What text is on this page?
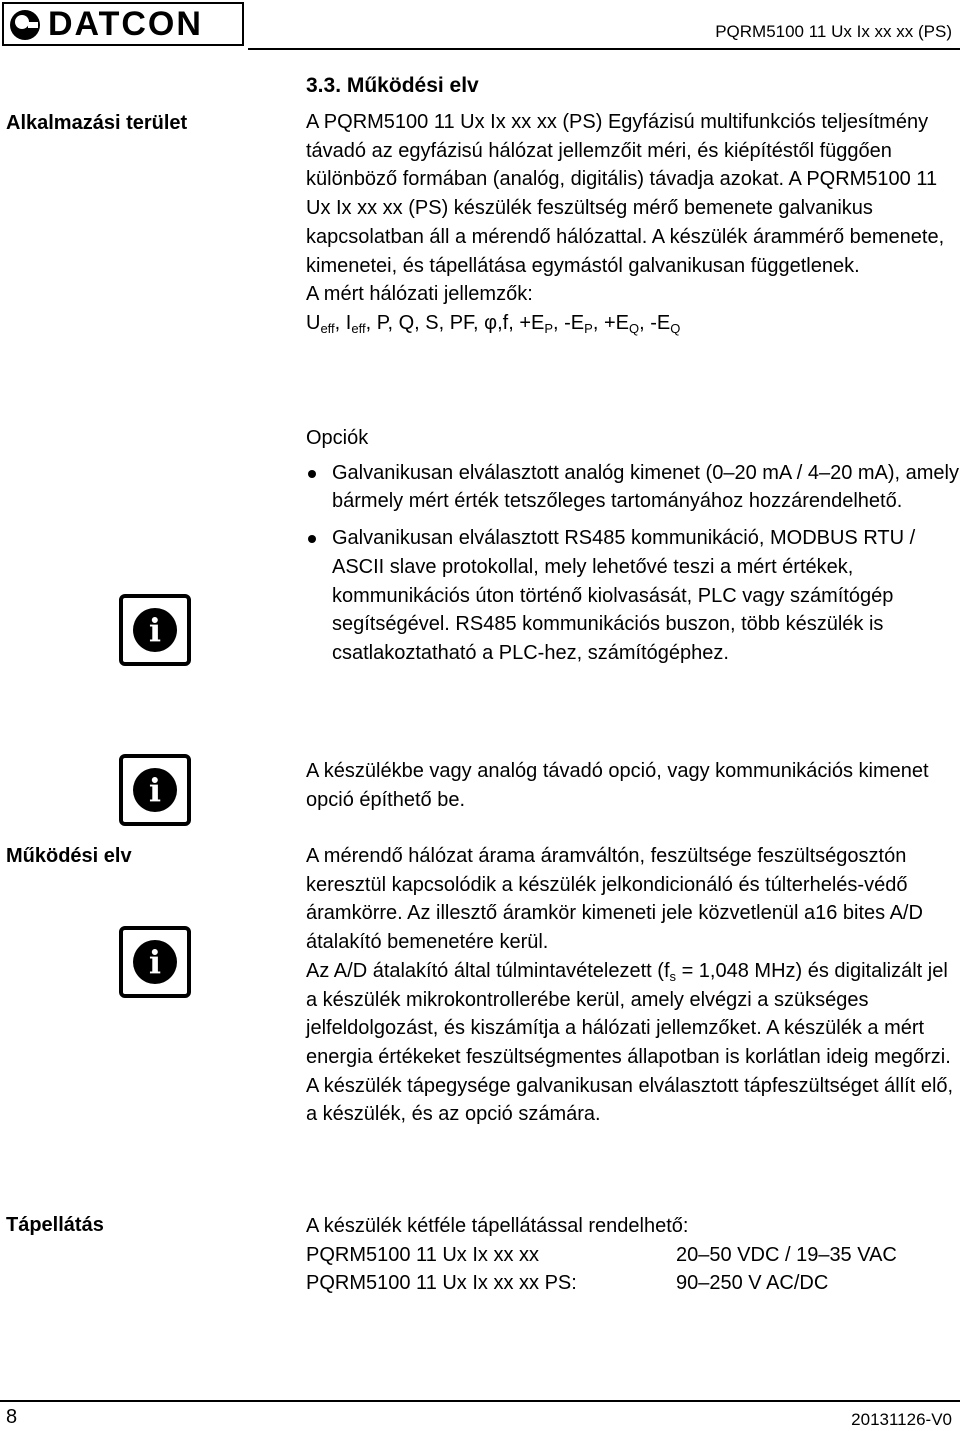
DATCON	PQRM5100 11 Ux Ix xx xx (PS)
3.3. Működési elv
Alkalmazási terület
Működési elv
Tápellátás
i
i
i

A PQRM5100 11 Ux Ix xx xx (PS) Egyfázisú multifunkciós teljesítmény távadó az egyfázisú hálózat jellemzőit méri, és kiépítéstől függően különböző formában (analóg, digitális) távadja azokat. A PQRM5100 11 Ux Ix xx xx (PS) készülék feszültség mérő bemenete galvanikus kapcsolatban áll a mérendő hálózattal. A készülék árammérő bemenete, kimenetei, és tápellátása egymástól galvanikusan függetlenek.

A mért hálózati jellemzők:

$U_{eff}$, $I_{eff}$, P, Q, S, PF, φ,f, $+E_P$, $-E_P$, $+E_Q$, $-E_Q$

Opciók

Galvanikusan elválasztott analóg kimenet (0–20 mA / 4–20 mA), amely bármely mért érték tetszőleges tartományához hozzárendelhető.

Galvanikusan elválasztott RS485 kommunikáció, MODBUS RTU / ASCII slave protokollal, mely lehetővé teszi a mért értékek, kommunikációs úton történő kiolvasását, PLC vagy számítógép segítségével. RS485 kommunikációs buszon, több készülék is csatlakoztatható a PLC-hez, számítógéphez.

A készülékbe vagy analóg távadó opció, vagy kommunikációs kimenet opció építhető be.

A mérendő hálózat árama áramváltón, feszültsége feszültségosztón keresztül kapcsolódik a készülék jelkondicionáló és túlterhelés-védő áramkörre. Az illesztő áramkör kimeneti jele közvetlenül a16 bites A/D átalakító bemenetére kerül.

Az A/D átalakító által túlmintavételezett ($f_s = 1,048$ MHz) és digitalizált jel a készülék mikrokontrollerébe kerül, amely elvégzi a szükséges jelfeldolgozást, és kiszámítja a hálózati jellemzőket. A készülék a mért energia értékeket feszültségmentes állapotban is korlátlan ideig megőrzi. A készülék tápegysége galvanikusan elválasztott tápfeszültséget állít elő, a készülék, és az opció számára.

A készülék kétféle tápellátással rendelhető:

PQRM5100 11 Ux Ix xx xx	20–50 VDC / 19–35 VAC
PQRM5100 11 Ux Ix xx xx PS:	90–250 V AC/DC
8	20131126-V0
